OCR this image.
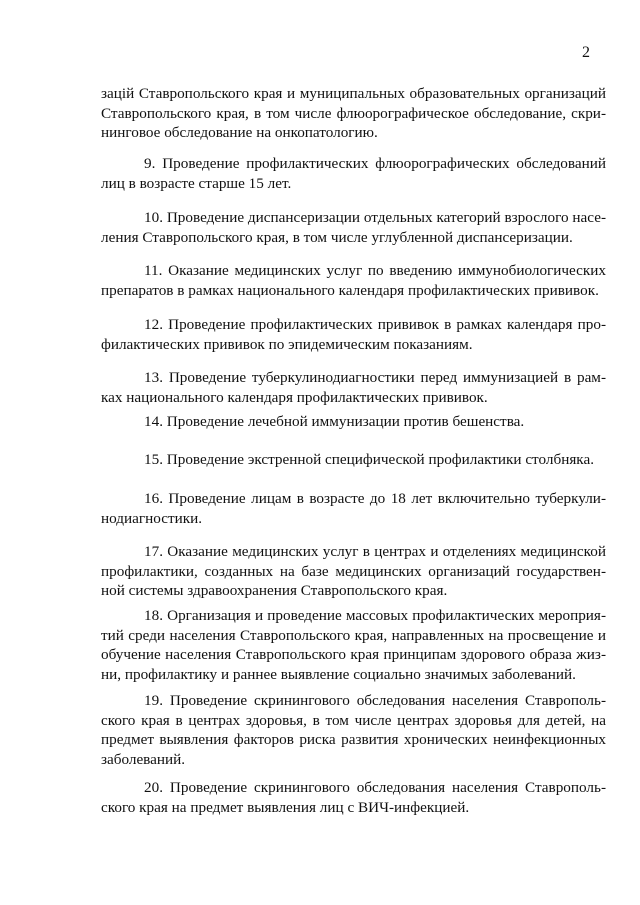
2
зацій Ставропольского края и муниципальных образовательных организаций Ставропольского края, в том числе флюорографическое обследование, скрининговое обследование на онкопатологию.
9. Проведение профилактических флюорографических обследований лиц в возрасте старше 15 лет.
10. Проведение диспансеризации отдельных категорий взрослого населения Ставропольского края, в том числе углубленной диспансеризации.
11. Оказание медицинских услуг по введению иммунобиологических препаратов в рамках национального календаря профилактических прививок.
12. Проведение профилактических прививок в рамках календаря профилактических прививок по эпидемическим показаниям.
13. Проведение туберкулинодиагностики перед иммунизацией в рамках национального календаря профилактических прививок.
14. Проведение лечебной иммунизации против бешенства.
15. Проведение экстренной специфической профилактики столбняка.
16. Проведение лицам в возрасте до 18 лет включительно туберкулинодиагностики.
17. Оказание медицинских услуг в центрах и отделениях медицинской профилактики, созданных на базе медицинских организаций государственной системы здравоохранения Ставропольского края.
18. Организация и проведение массовых профилактических мероприятий среди населения Ставропольского края, направленных на просвещение и обучение населения Ставропольского края принципам здорового образа жизни, профилактику и раннее выявление социально значимых заболеваний.
19. Проведение скринингового обследования населения Ставропольского края в центрах здоровья, в том числе центрах здоровья для детей, на предмет выявления факторов риска развития хронических неинфекционных заболеваний.
20. Проведение скринингового обследования населения Ставропольского края на предмет выявления лиц с ВИЧ-инфекцией.
